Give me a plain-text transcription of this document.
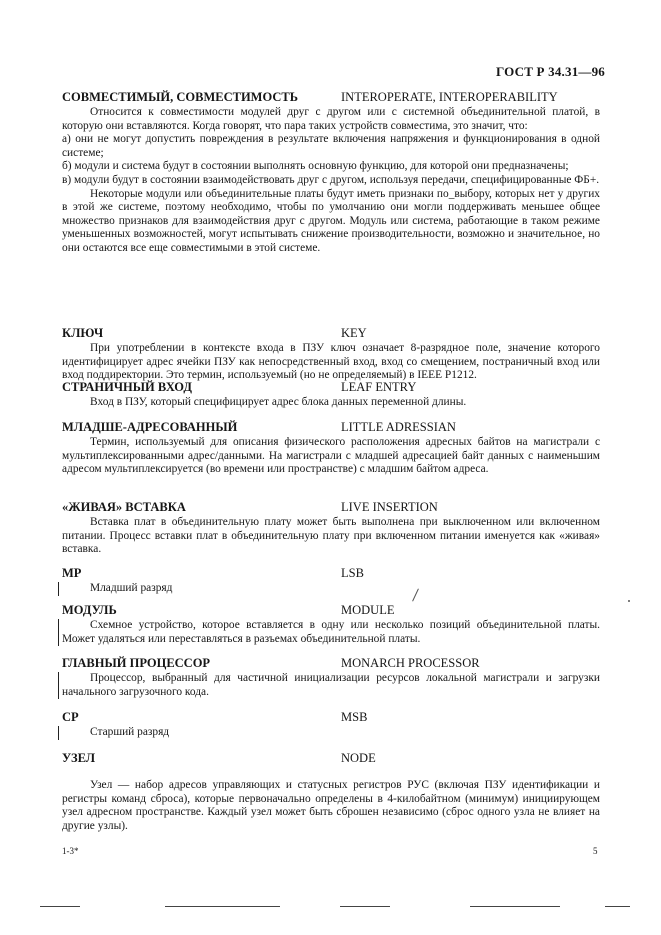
ГОСТ Р 34.31—96
СОВМЕСТИМЫЙ, СОВМЕСТИМОСТЬ	INTEROPERATE, INTEROPERABILITY

Относится к совместимости модулей друг с другом или с системной объединительной платой, в которую они вставляются. Когда говорят, что пара таких устройств совместима, это значит, что:

а) они не могут допустить повреждения в результате включения напряжения и функционирования в одной системе;

б) модули и система будут в состоянии выполнять основную функцию, для которой они предназначены;

в) модули будут в состоянии взаимодействовать друг с другом, используя передачи, специфицированные ФБ+.

Некоторые модули или объединительные платы будут иметь признаки по_выбору, которых нет у других в этой же системе, поэтому необходимо, чтобы по умолчанию они могли поддерживать меньшее общее множество признаков для взаимодействия друг с другом. Модуль или система, работающие в таком режиме уменьшенных возможностей, могут испытывать снижение производительности, возможно и значительное, но они остаются все еще совместимыми в этой системе.

КЛЮЧ	KEY

При употреблении в контексте входа в ПЗУ ключ означает 8-разрядное поле, значение которого идентифицирует адрес ячейки ПЗУ как непосредственный вход, вход со смещением, постраничный вход или вход поддиректории. Это термин, используемый (но не определяемый) в IEEE P1212.

СТРАНИЧНЫЙ ВХОД	LEAF ENTRY

Вход в ПЗУ, который специфицирует адрес блока данных переменной длины.

МЛАДШЕ-АДРЕСОВАННЫЙ	LITTLE ADRESSIAN

Термин, используемый для описания физического расположения адресных байтов на магистрали с мультиплексированными адрес/данными. На магистрали с младшей адресацией байт данных с наименьшим адресом мультиплексируется (во времени или пространстве) с младшим байтом адреса.

«ЖИВАЯ» ВСТАВКА	LIVE INSERTION

Вставка плат в объединительную плату может быть выполнена при выключенном или включенном питании. Процесс вставки плат в объединительную плату при включенном питании именуется как «живая» вставка.

МР	LSB

Младший разряд

МОДУЛЬ	MODULE

Схемное устройство, которое вставляется в одну или несколько позиций объединительной платы. Может удаляться или переставляться в разъемах объединительной платы.

ГЛАВНЫЙ ПРОЦЕССОР	MONARCH PROCESSOR

Процессор, выбранный для частичной инициализации ресурсов локальной магистрали и загрузки начального загрузочного кода.

СР	MSB

Старший разряд

УЗЕЛ	NODE

Узел — набор адресов управляющих и статусных регистров РУС (включая ПЗУ идентификации и регистры команд сброса), которые первоначально определены в 4-килобайтном (минимум) инициирующем узел адресном пространстве. Каждый узел может быть сброшен независимо (сброс одного узла не влияет на другие узлы).

1-3*	5
